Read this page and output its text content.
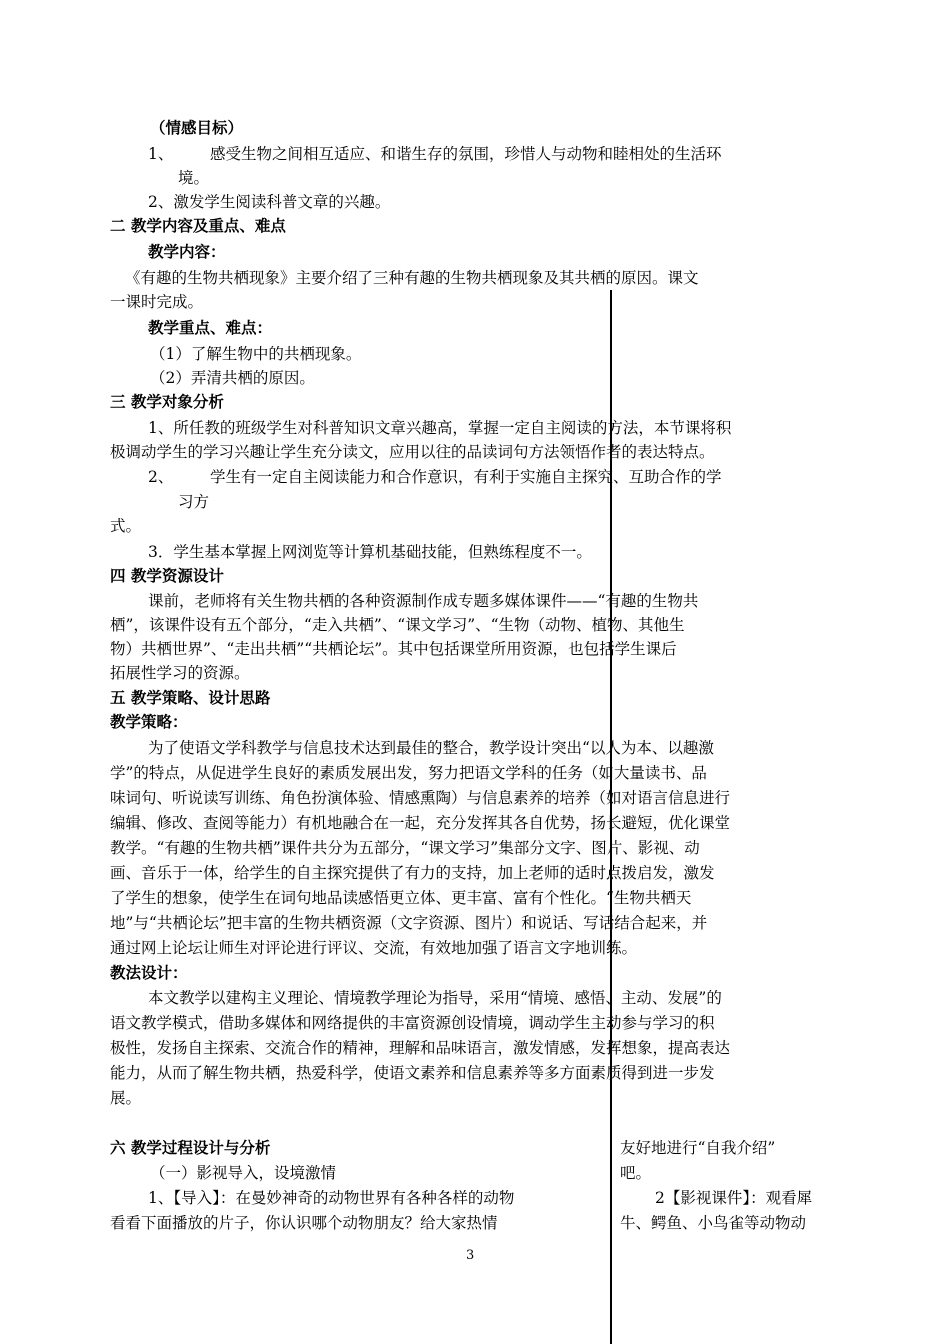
（情感目标）
1、 感受生物之间相互适应、和谐生存的氛围，珍惜人与动物和睦相处的生活环
境。
2、激发学生阅读科普文章的兴趣。
二 教学内容及重点、难点
教学内容：
《有趣的生物共栖现象》主要介绍了三种有趣的生物共栖现象及其共栖的原因。课文
一课时完成。
教学重点、难点：
（1）了解生物中的共栖现象。
（2）弄清共栖的原因。
三 教学对象分析
1、所任教的班级学生对科普知识文章兴趣高，掌握一定自主阅读的方法，本节课将积
极调动学生的学习兴趣让学生充分读文，应用以往的品读词句方法领悟作者的表达特点。
2、 学生有一定自主阅读能力和合作意识，有利于实施自主探究、互助合作的学
习方
式。
3．学生基本掌握上网浏览等计算机基础技能，但熟练程度不一。
四 教学资源设计
课前，老师将有关生物共栖的各种资源制作成专题多媒体课件——“有趣的生物共
栖”，该课件设有五个部分，“走入共栖”、“课文学习”、“生物（动物、植物、其他生
物）共栖世界”、“走出共栖”“共栖论坛”。其中包括课堂所用资源，也包括学生课后
拓展性学习的资源。
五 教学策略、设计思路
教学策略：
为了使语文学科教学与信息技术达到最佳的整合，教学设计突出“以人为本、以趣激
学”的特点，从促进学生良好的素质发展出发，努力把语文学科的任务（如大量读书、品
味词句、听说读写训练、角色扮演体验、情感熏陶）与信息素养的培养（如对语言信息进行
编辑、修改、查阅等能力）有机地融合在一起，充分发挥其各自优势，扬长避短，优化课堂
教学。“有趣的生物共栖”课件共分为五部分，“课文学习”集部分文字、图片、影视、动
画、音乐于一体，给学生的自主探究提供了有力的支持，加上老师的适时点拨启发，激发
了学生的想象，使学生在词句地品读感悟更立体、更丰富、富有个性化。“生物共栖天
地”与“共栖论坛”把丰富的生物共栖资源（文字资源、图片）和说话、写话结合起来，并
通过网上论坛让师生对评论进行评议、交流，有效地加强了语言文字地训练。
教法设计：
本文教学以建构主义理论、情境教学理论为指导，采用“情境、感悟、主动、发展”的
语文教学模式，借助多媒体和网络提供的丰富资源创设情境，调动学生主动参与学习的积
极性，发扬自主探索、交流合作的精神，理解和品味语言，激发情感，发挥想象，提高表达
能力，从而了解生物共栖，热爱科学，使语文素养和信息素养等多方面素质得到进一步发
展。
六 教学过程设计与分析
（一）影视导入，设境激情
1、【导入】：在曼妙神奇的动物世界有各种各样的动物
看看下面播放的片子，你认识哪个动物朋友？给大家热情
友好地进行“自我介绍”
吧。
2【影视课件】：观看犀
牛、鳄鱼、小鸟雀等动物动
3
